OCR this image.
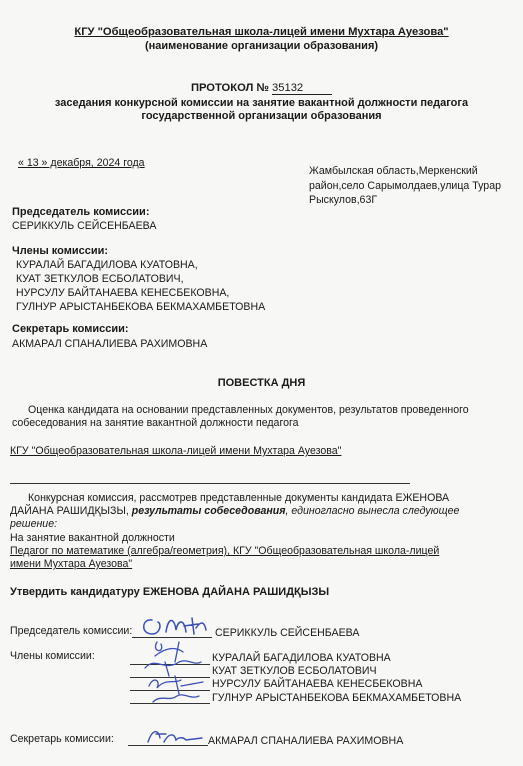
КГУ "Общеобразовательная школа-лицей имени Мухтара Ауезова"
(наименование организации образования)
ПРОТОКОЛ № 35132
заседания конкурсной комиссии на занятие вакантной должности педагога
государственной организации образования
« 13 » декабря, 2024 года
Жамбылская область,Меркенский
район,село Сарымолдаев,улица Турар
Рыскулов,63Г
Председатель комиссии:
СЕРИККУЛЬ СЕЙСЕНБАЕВА
Члены комиссии:
КУРАЛАЙ БАГАДИЛОВА КУАТОВНА,
КУАТ ЗЕТКУЛОВ ЕСБОЛАТОВИЧ,
НУРСУЛУ БАЙТАНАЕВА КЕНЕСБЕКОВНА,
ГУЛНУР АРЫСТАНБЕКОВА БЕКМАХАМБЕТОВНА
Секретарь комиссии:
АКМАРАЛ СПАНАЛИЕВА РАХИМОВНА
ПОВЕСТКА ДНЯ
Оценка кандидата на основании представленных документов, результатов проведенного
собеседования на занятие вакантной должности педагога
КГУ "Общеобразовательная школа-лицей имени Мухтара Ауезова"
Конкурсная комиссия, рассмотрев представленные документы кандидата ЕЖЕНОВА
ДАЙАНА РАШИДҚЫЗЫ, результаты собеседования, единогласно вынесла следующее
решение:
На занятие вакантной должности
Педагог по математике (алгебра/геометрия), КГУ "Общеобразовательная школа-лицей
имени Мухтара Ауезова"
Утвердить кандидатуру ЕЖЕНОВА ДАЙАНА РАШИДҚЫЗЫ
Председатель комиссии:	СЕРИККУЛЬ СЕЙСЕНБАЕВА
Члены комиссии:	КУРАЛАЙ БАГАДИЛОВА КУАТОВНА
КУАТ ЗЕТКУЛОВ ЕСБОЛАТОВИЧ
НУРСУЛУ БАЙТАНАЕВА КЕНЕСБЕКОВНА
ГУЛНУР АРЫСТАНБЕКОВА БЕКМАХАМБЕТОВНА
Секретарь комиссии:	АКМАРАЛ СПАНАЛИЕВА РАХИМОВНА
